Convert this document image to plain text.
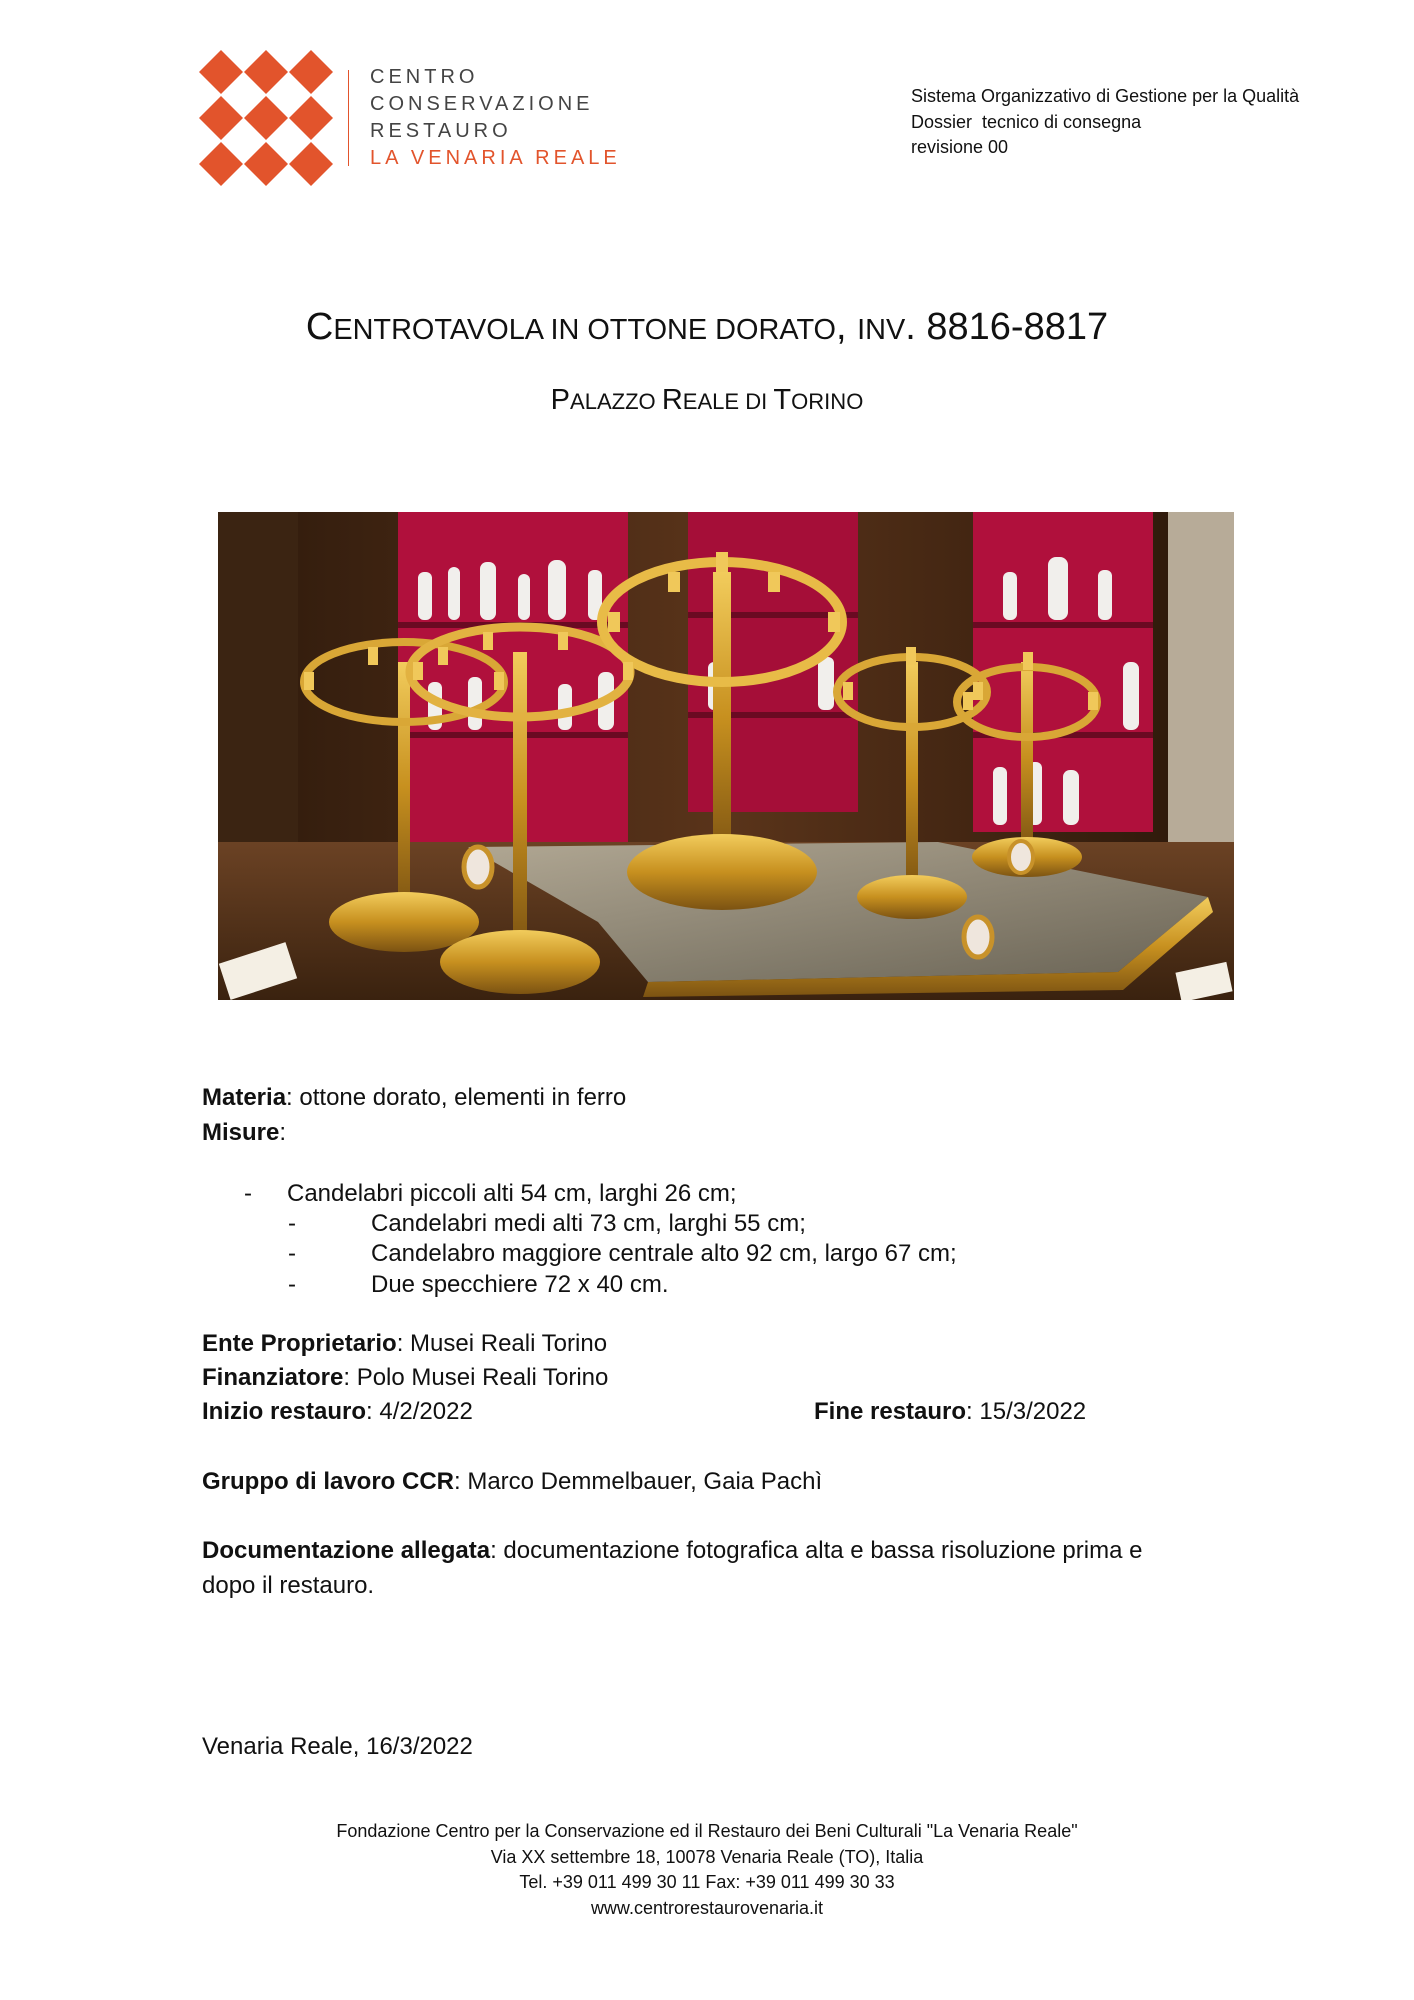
CENTRO
CONSERVAZIONE
RESTAURO
LA VENARIA REALE
Sistema Organizzativo di Gestione per la Qualità
Dossier  tecnico di consegna
revisione 00
CENTROTAVOLA IN OTTONE DORATO, INV. 8816-8817
PALAZZO REALE DI TORINO
Materia: ottone dorato, elementi in ferro
Misure:
- Candelabri piccoli alti 54 cm, larghi 26 cm;
-	Candelabri medi alti 73 cm, larghi 55 cm;
-	Candelabro maggiore centrale alto 92 cm, largo 67 cm;
-	Due specchiere 72 x 40 cm.
Ente Proprietario: Musei Reali Torino
Finanziatore: Polo Musei Reali Torino
Inizio restauro: 4/2/2022	Fine restauro: 15/3/2022
Gruppo di lavoro CCR: Marco Demmelbauer, Gaia Pachì
Documentazione allegata: documentazione fotografica alta e bassa risoluzione prima e
dopo il restauro.
Venaria Reale, 16/3/2022
Fondazione Centro per la Conservazione ed il Restauro dei Beni Culturali "La Venaria Reale"
Via XX settembre 18, 10078 Venaria Reale (TO), Italia
Tel. +39 011 499 30 11 Fax: +39 011 499 30 33
www.centrorestaurovenaria.it
